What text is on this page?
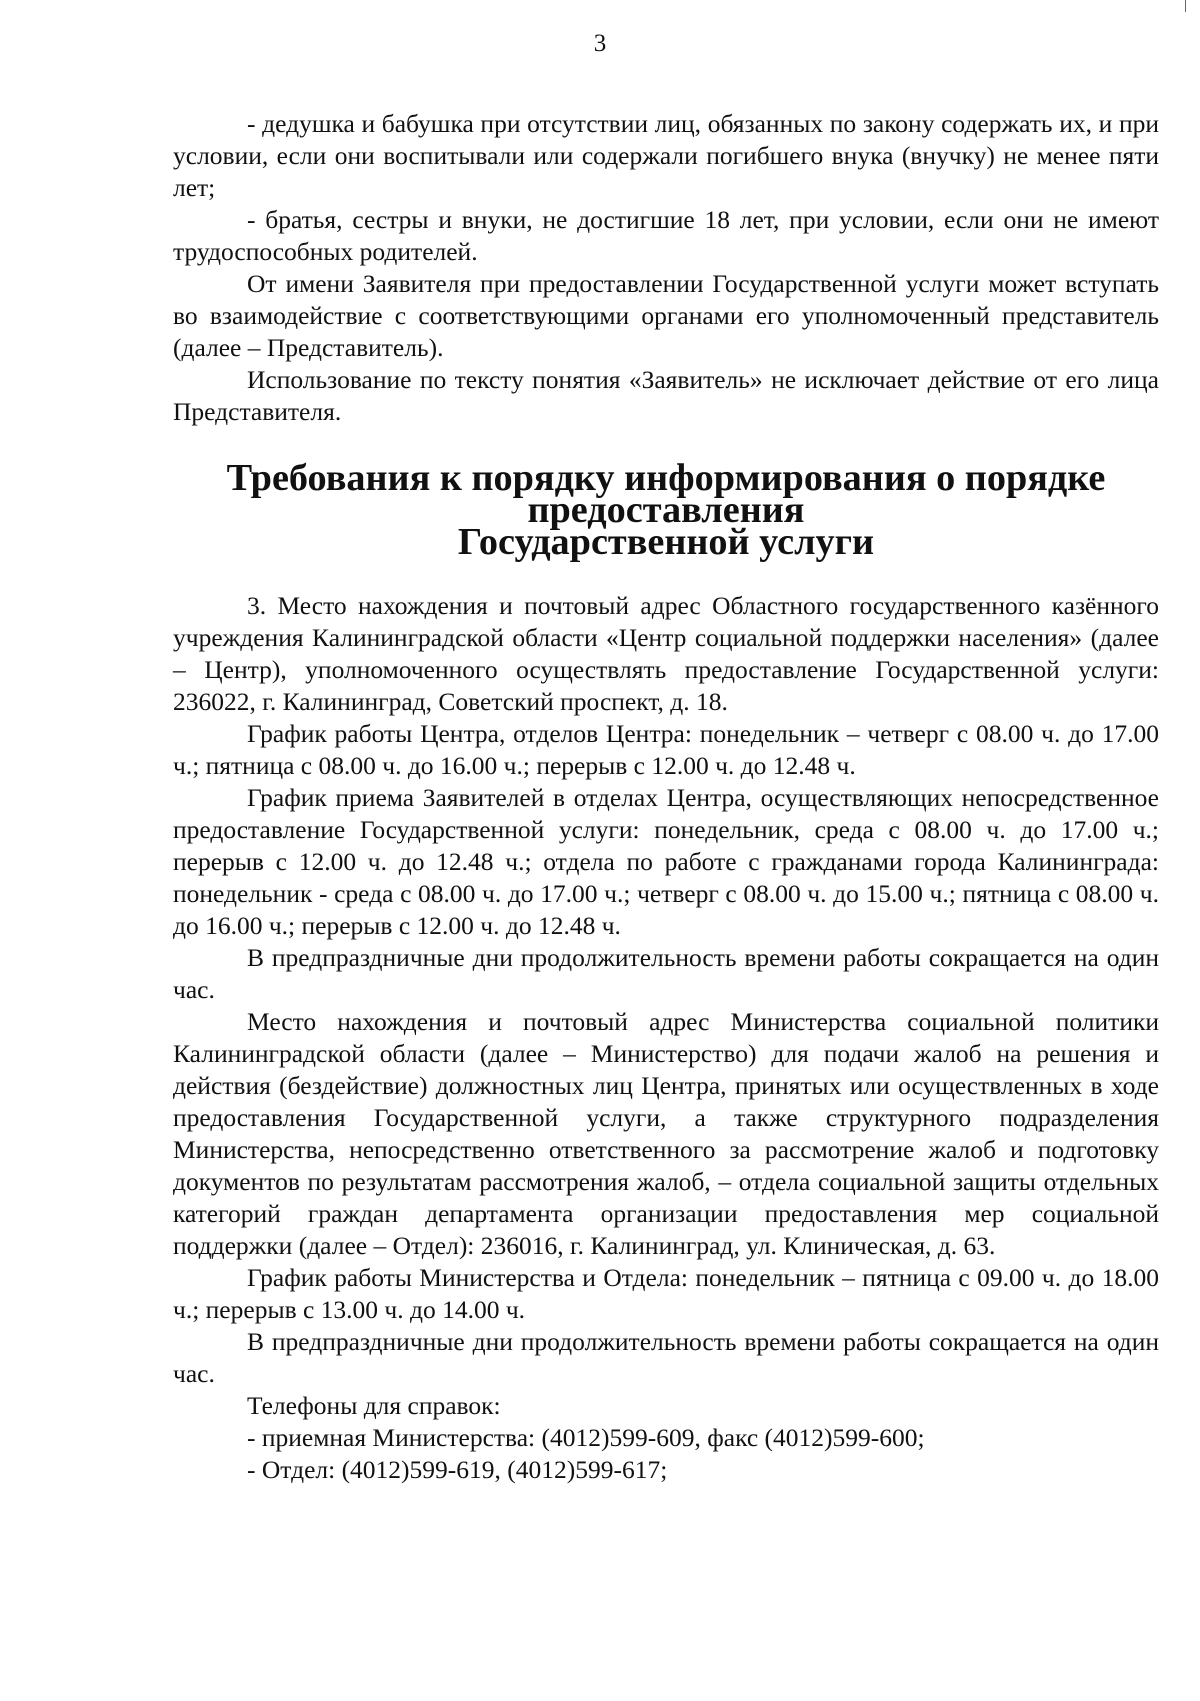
3

- дедушка и бабушка при отсутствии лиц, обязанных по закону содержать их, и при условии, если они воспитывали или содержали погибшего внука (внучку) не менее пяти лет;

- братья, сестры и внуки, не достигшие 18 лет, при условии, если они не имеют трудоспособных родителей.

От имени Заявителя при предоставлении Государственной услуги может вступать во взаимодействие с соответствующими органами его уполномоченный представитель (далее – Представитель).

Использование по тексту понятия «Заявитель» не исключает действие от его лица Представителя.

Требования к порядку информирования о порядке предоставления
Государственной услуги

3. Место нахождения и почтовый адрес Областного государственного казённого учреждения Калининградской области «Центр социальной поддержки населения» (далее – Центр), уполномоченного осуществлять предоставление Государственной услуги: 236022, г. Калининград, Советский проспект, д. 18.

График работы Центра, отделов Центра: понедельник – четверг с 08.00 ч. до 17.00 ч.; пятница с 08.00 ч. до 16.00 ч.; перерыв с 12.00 ч. до 12.48 ч.

График приема Заявителей в отделах Центра, осуществляющих непосредственное предоставление Государственной услуги: понедельник, среда с 08.00 ч. до 17.00 ч.; перерыв с 12.00 ч. до 12.48 ч.; отдела по работе с гражданами города Калининграда: понедельник - среда с 08.00 ч. до 17.00 ч.; четверг с 08.00 ч. до 15.00 ч.; пятница с 08.00 ч. до 16.00 ч.; перерыв с 12.00 ч. до 12.48 ч.

В предпраздничные дни продолжительность времени работы сокращается на один час.

Место нахождения и почтовый адрес Министерства социальной политики Калининградской области (далее – Министерство) для подачи жалоб на решения и действия (бездействие) должностных лиц Центра, принятых или осуществленных в ходе предоставления Государственной услуги, а также структурного подразделения Министерства, непосредственно ответственного за рассмотрение жалоб и подготовку документов по результатам рассмотрения жалоб, – отдела социальной защиты отдельных категорий граждан департамента организации предоставления мер социальной поддержки (далее – Отдел): 236016, г. Калининград, ул. Клиническая, д. 63.

График работы Министерства и Отдела: понедельник – пятница с 09.00 ч. до 18.00 ч.; перерыв с 13.00 ч. до 14.00 ч.

В предпраздничные дни продолжительность времени работы сокращается на один час.

Телефоны для справок:

- приемная Министерства: (4012)599-609, факс (4012)599-600;

- Отдел: (4012)599-619, (4012)599-617;
